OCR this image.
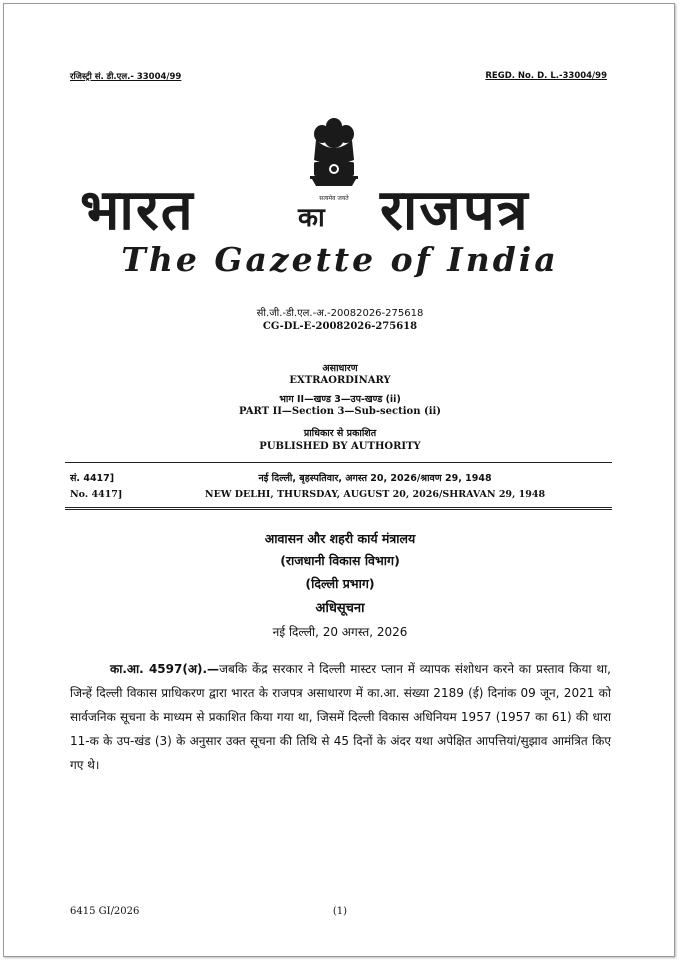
रजिस्ट्री सं. डी.एल.- 33004/99	REGD. No. D. L.-33004/99
सत्यमेव जयते
भारत	का राजपत्र
The Gazette of India
सी.जी.-डी.एल.-अ.-20082026-275618
CG-DL-E-20082026-275618
असाधारण
EXTRAORDINARY
भाग II—खण्ड 3—उप-खण्ड (ii)
PART II—Section 3—Sub-section (ii)
प्राधिकार से प्रकाशित
PUBLISHED BY AUTHORITY
सं. 4417]	नई दिल्ली, बृहस्पतिवार, अगस्त 20, 2026/श्रावण 29, 1948
No. 4417]	NEW DELHI, THURSDAY, AUGUST 20, 2026/SHRAVAN 29, 1948
आवासन और शहरी कार्य मंत्रालय
(राजधानी विकास विभाग)
(दिल्ली प्रभाग)
अधिसूचना
नई दिल्ली, 20 अगस्त, 2026
का.आ. 4597(अ).—जबकि केंद्र सरकार ने दिल्ली मास्टर प्लान में व्यापक संशोधन करने का प्रस्ताव किया था, जिन्हें दिल्ली विकास प्राधिकरण द्वारा भारत के राजपत्र असाधारण में का.आ. संख्या 2189 (ई) दिनांक 09 जून, 2021 को सार्वजनिक सूचना के माध्यम से प्रकाशित किया गया था, जिसमें दिल्ली विकास अधिनियम 1957 (1957 का 61) की धारा 11-क के उप-खंड (3) के अनुसार उक्त सूचना की तिथि से 45 दिनों के अंदर यथा अपेक्षित आपत्तियां/सुझाव आमंत्रित किए गए थे।
6415 GI/2026	(1)
